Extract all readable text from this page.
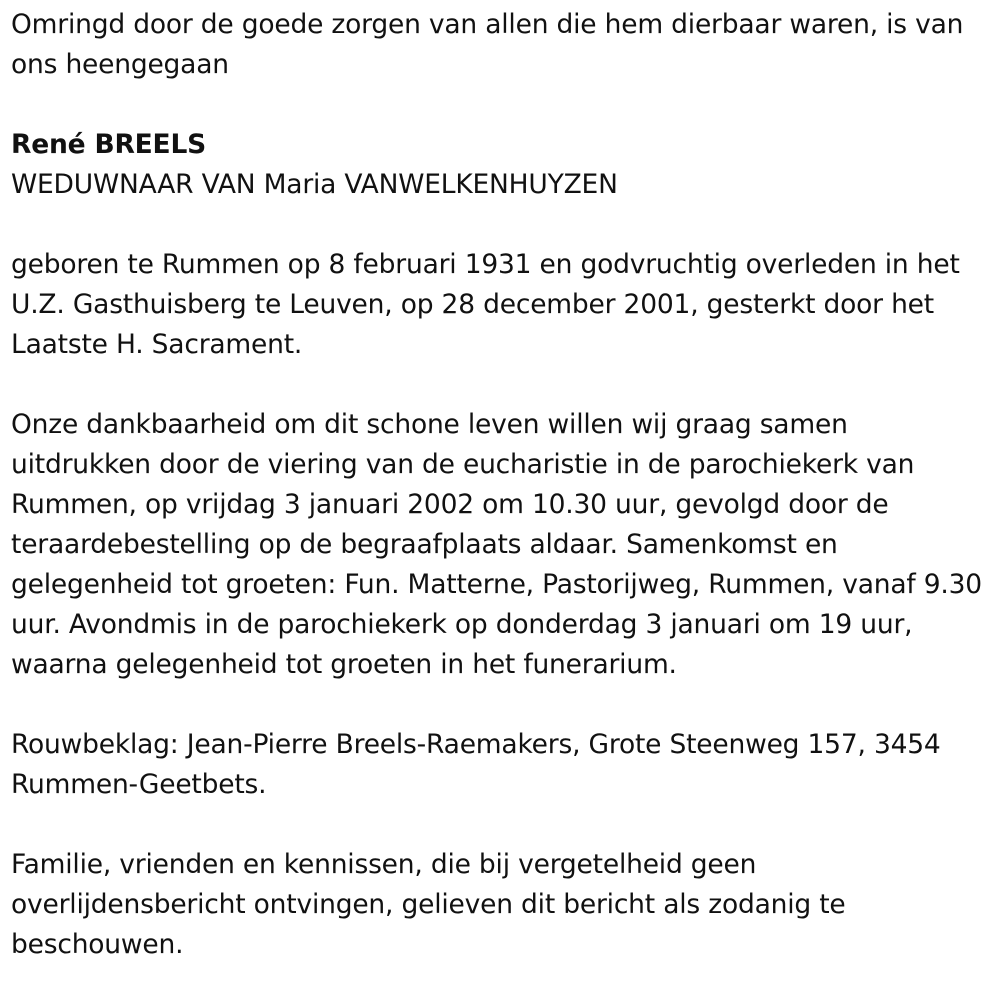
Omringd door de goede zorgen van allen die hem dierbaar waren, is van ons heengegaan

René BREELS

WEDUWNAAR VAN Maria VANWELKENHUYZEN

geboren te Rummen op 8 februari 1931 en godvruchtig overleden in het U.Z. Gasthuisberg te Leuven, op 28 december 2001, gesterkt door het Laatste H. Sacrament.

Onze dankbaarheid om dit schone leven willen wij graag samen uitdrukken door de viering van de eucharistie in de parochiekerk van Rummen, op vrijdag 3 januari 2002 om 10.30 uur, gevolgd door de teraardebestelling op de begraafplaats aldaar. Samenkomst en gelegenheid tot groeten: Fun. Matterne, Pastorijweg, Rummen, vanaf 9.30 uur. Avondmis in de parochiekerk op donderdag 3 januari om 19 uur, waarna gelegenheid tot groeten in het funerarium.

Rouwbeklag: Jean-Pierre Breels-Raemakers, Grote Steenweg 157, 3454 Rummen-Geetbets.

Familie, vrienden en kennissen, die bij vergetelheid geen overlijdensbericht ontvingen, gelieven dit bericht als zodanig te beschouwen.
